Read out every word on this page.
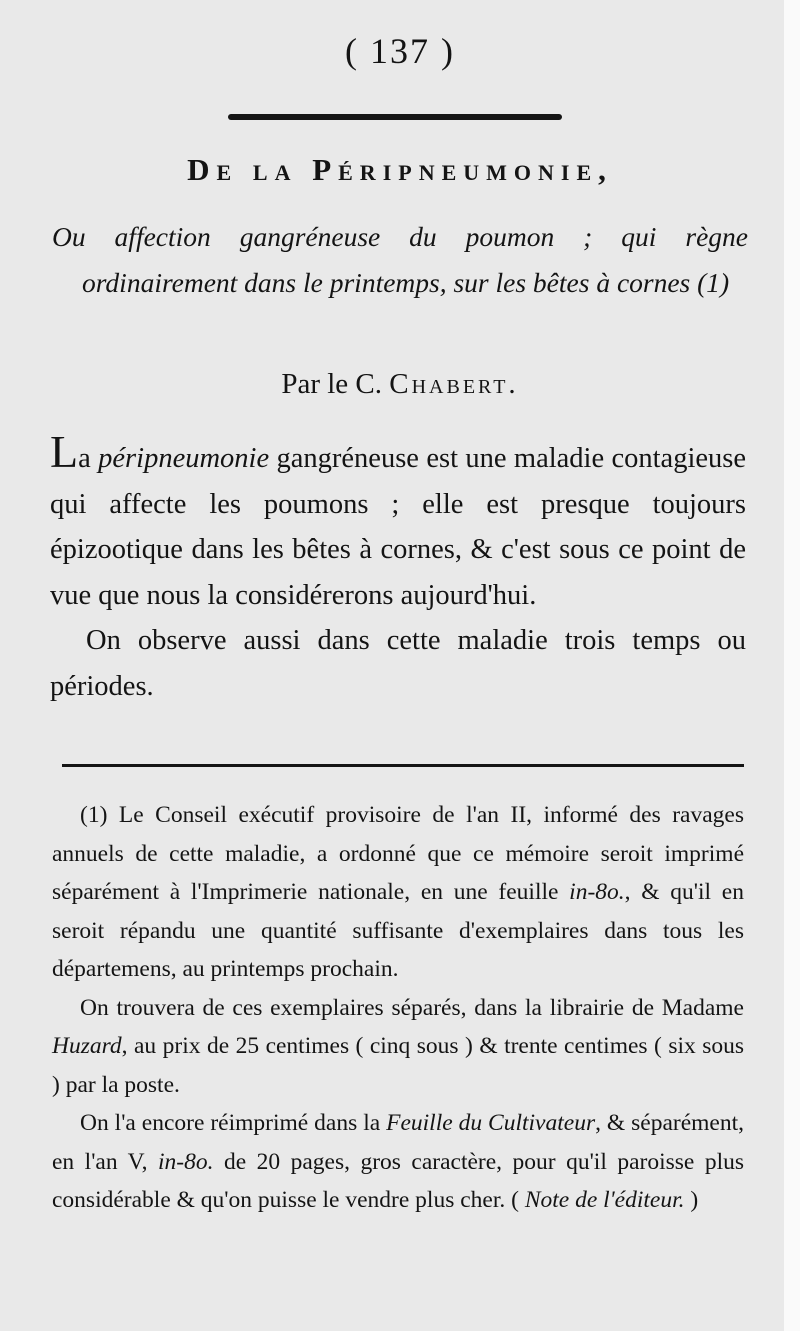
( 137 )
De la Péripneumonie,
Ou affection gangréneuse du poumon ; qui règne ordinairement dans le printemps, sur les bêtes à cornes (1)
Par le C. Chabert.

La péripneumonie gangréneuse est une maladie contagieuse qui affecte les poumons ; elle est presque toujours épizootique dans les bêtes à cornes, & c'est sous ce point de vue que nous la considérerons aujourd'hui.

On observe aussi dans cette maladie trois temps ou périodes.

(1) Le Conseil exécutif provisoire de l'an II, informé des ravages annuels de cette maladie, a ordonné que ce mémoire seroit imprimé séparément à l'Imprimerie nationale, en une feuille in-8o., & qu'il en seroit répandu une quantité suffisante d'exemplaires dans tous les départemens, au printemps prochain.

On trouvera de ces exemplaires séparés, dans la librairie de Madame Huzard, au prix de 25 centimes ( cinq sous ) & trente centimes ( six sous ) par la poste.

On l'a encore réimprimé dans la Feuille du Cultivateur, & séparément, en l'an V, in-8o. de 20 pages, gros caractère, pour qu'il paroisse plus considérable & qu'on puisse le vendre plus cher. ( Note de l'éditeur. )
